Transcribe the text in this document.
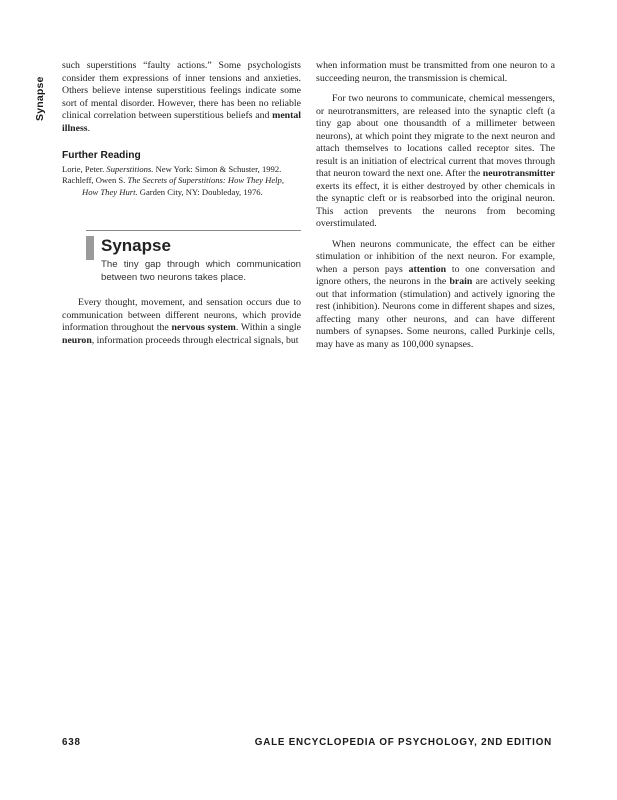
Synapse

such superstitions “faulty actions.” Some psychologists consider them expressions of inner tensions and anxieties. Others believe intense superstitious feelings indicate some sort of mental disorder. However, there has been no reliable clinical correlation between superstitious beliefs and mental illness.

Further Reading

Lorie, Peter. Superstitions. New York: Simon & Schuster, 1992.

Rachleff, Owen S. The Secrets of Superstitions: How They Help, How They Hurt. Garden City, NY: Doubleday, 1976.

Synapse
The tiny gap through which communication between two neurons takes place.

Every thought, movement, and sensation occurs due to communication between different neurons, which provide information throughout the nervous system. Within a single neuron, information proceeds through electrical signals, but

when information must be transmitted from one neuron to a succeeding neuron, the transmission is chemical.

For two neurons to communicate, chemical messengers, or neurotransmitters, are released into the synaptic cleft (a tiny gap about one thousandth of a millimeter between neurons), at which point they migrate to the next neuron and attach themselves to locations called receptor sites. The result is an initiation of electrical current that moves through that neuron toward the next one. After the neurotransmitter exerts its effect, it is either destroyed by other chemicals in the synaptic cleft or is reabsorbed into the original neuron. This action prevents the neurons from becoming overstimulated.

When neurons communicate, the effect can be either stimulation or inhibition of the next neuron. For example, when a person pays attention to one conversation and ignore others, the neurons in the brain are actively seeking out that information (stimulation) and actively ignoring the rest (inhibition). Neurons come in different shapes and sizes, affecting many other neurons, and can have different numbers of synapses. Some neurons, called Purkinje cells, may have as many as 100,000 synapses.

638	GALE ENCYCLOPEDIA OF PSYCHOLOGY, 2ND EDITION
